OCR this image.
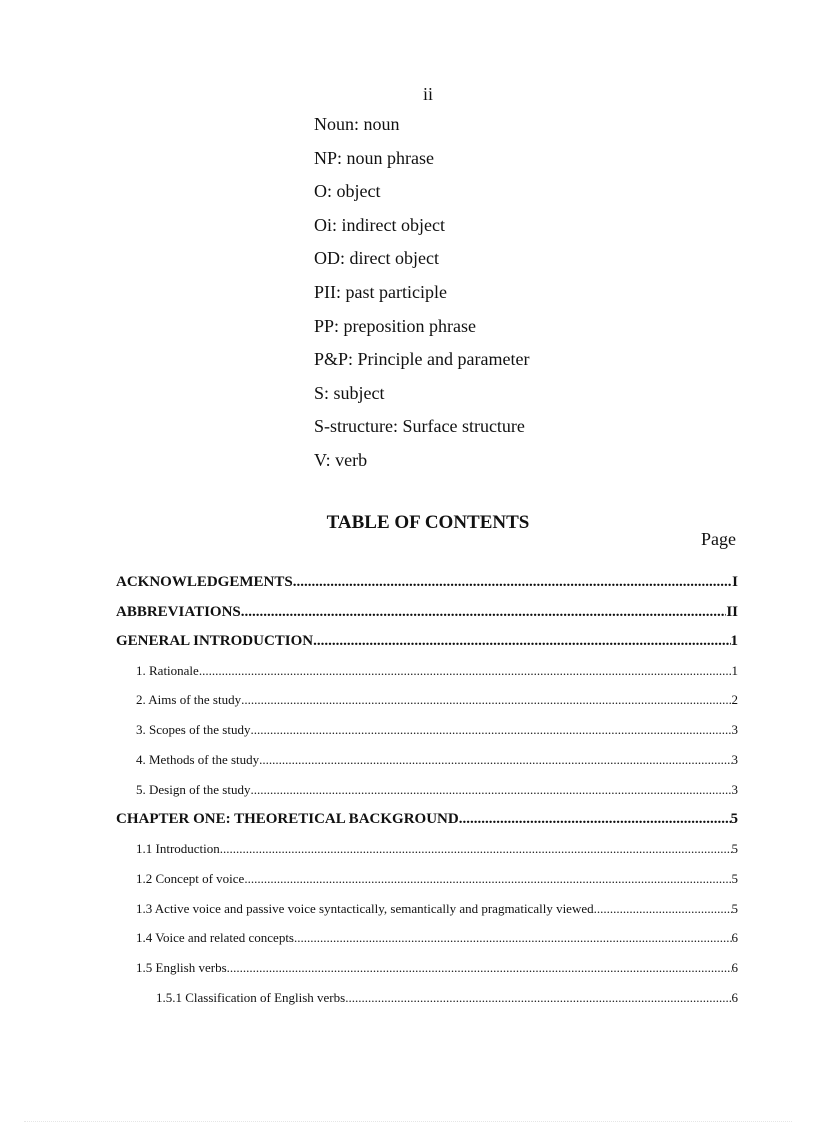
ii
Noun: noun
NP: noun phrase
O: object
Oi: indirect object
OD: direct object
PII: past participle
PP: preposition phrase
P&P: Principle and parameter
S: subject
S-structure: Surface structure
V: verb
TABLE OF CONTENTS
Page
ACKNOWLEDGEMENTS .....	I
ABBREVIATIONS .....	II
GENERAL INTRODUCTION .....	1
1. Rationale .....	1
2. Aims of the study .....	2
3. Scopes of the study .....	3
4. Methods of the study .....	3
5. Design of the study .....	3
CHAPTER ONE: THEORETICAL BACKGROUND .....	5
1.1 Introduction .....	5
1.2 Concept of voice .....	5
1.3 Active voice and passive voice syntactically, semantically and pragmatically viewed .....	5
1.4 Voice and related concepts .....	6
1.5 English verbs .....	6
1.5.1 Classification of English verbs .....	6
